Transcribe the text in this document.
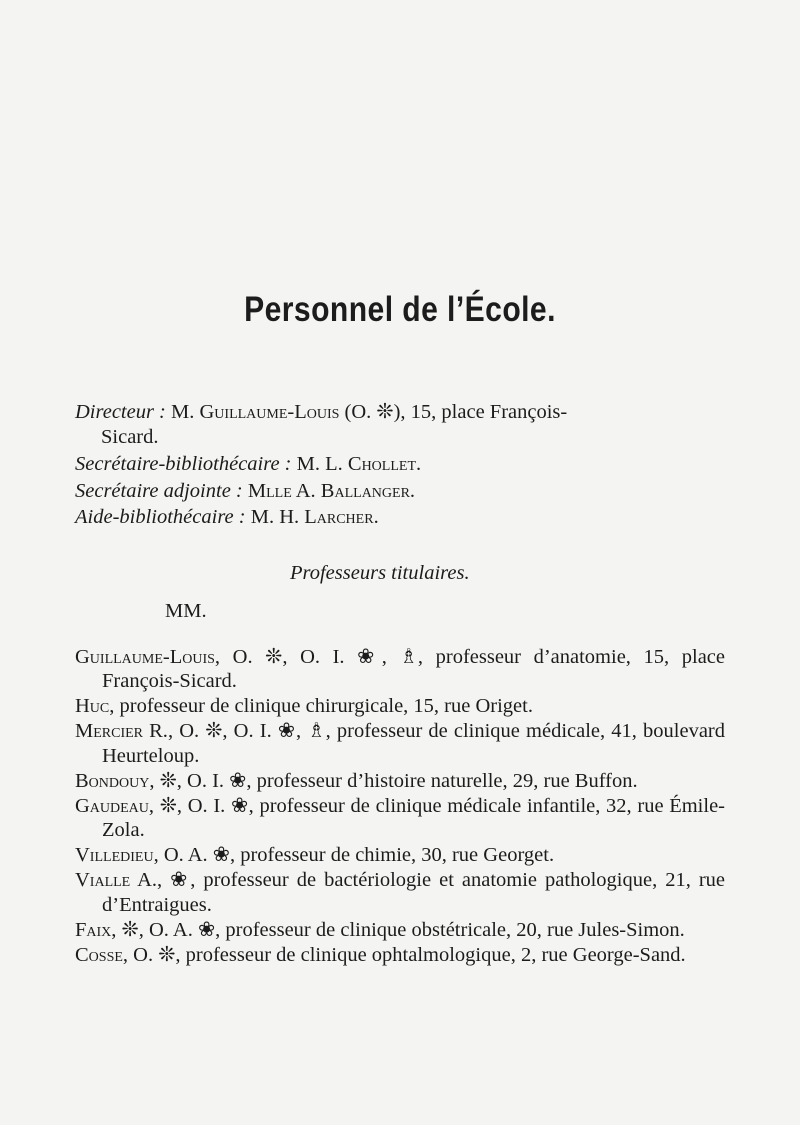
Personnel de l’École.
Directeur : M. Guillaume-Louis (O. ❊), 15, place François-
Sicard.
Secrétaire-bibliothécaire : M. L. Chollet.
Secrétaire adjointe : Mlle A. Ballanger.
Aide-bibliothécaire : M. H. Larcher.
Professeurs titulaires.
MM.

Guillaume-Louis, O. ❊, O. I. ❀, ♗, professeur d’anatomie, 15, place François-Sicard.

Huc, professeur de clinique chirurgicale, 15, rue Origet.

Mercier R., O. ❊, O. I. ❀, ♗, professeur de clinique médicale, 41, boulevard Heurteloup.

Bondouy, ❊, O. I. ❀, professeur d’histoire naturelle, 29, rue Buffon.

Gaudeau, ❊, O. I. ❀, professeur de clinique médicale infantile, 32, rue Émile-Zola.

Villedieu, O. A. ❀, professeur de chimie, 30, rue Georget.

Vialle A., ❀, professeur de bactériologie et anatomie pathologique, 21, rue d’Entraigues.

Faix, ❊, O. A. ❀, professeur de clinique obstétricale, 20, rue Jules-Simon.

Cosse, O. ❊, professeur de clinique ophtalmologique, 2, rue George-Sand.
